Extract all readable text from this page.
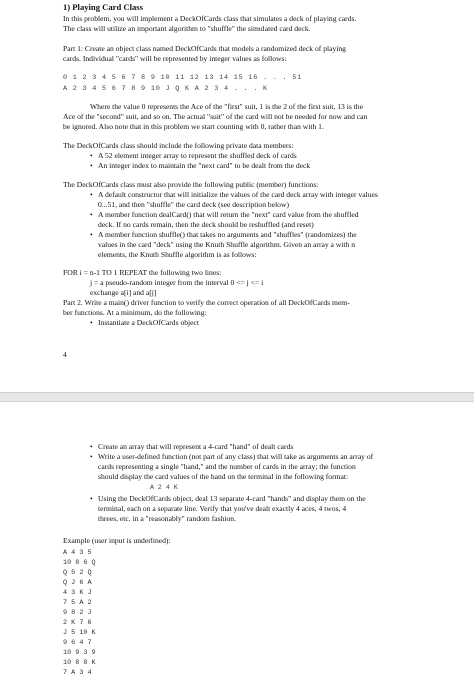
1) Playing Card Class
In this problem, you will implement a DeckOfCards class that simulates a deck of playing cards.
The class will utilize an important algorithm to "shuffle" the simulated card deck.
Part 1: Create an object class named DeckOfCards that models a randomized deck of playing
cards. Individual "cards" will be represented by integer values as follows:
0 1 2 3 4 5 6 7 8 9 10 11 12 13 14 15 16 . . . 51
A 2 3 4 5 6 7 8 9 10 J Q K A 2 3 4 . . . K
Where the value 0 represents the Ace of the "first" suit, 1 is the 2 of the first suit, 13 is the
Ace of the "second" suit, and so on. The actual "suit" of the card will not be needed for now and can
be ignored. Also note that in this problem we start counting with 0, rather than with 1.
The DeckOfCards class should include the following private data members:
• A 52 element integer array to represent the shuffled deck of cards
• An integer index to maintain the "next card" to be dealt from the deck
The DeckOfCards class must also provide the following public (member) functions:
• A default constructor that will initialize the values of the card deck array with integer values
0...51, and then "shuffle" the card deck (see description below)
• A member function dealCard() that will return the "next" card value from the shuffled
deck. If no cards remain, then the deck should be reshuffled (and reset)
• A member function shuffle() that takes no arguments and "shuffles" (randomizes) the
values in the card "deck" using the Knuth Shuffle algorithm. Given an array a with n
elements, the Knuth Shuffle algorithm is as follows:
FOR i = n-1 TO 1 REPEAT the following two lines:
j = a pseudo-random integer from the interval 0 <= j <= i
exchange a[i] and a[j]
Part 2. Write a main() driver function to verify the correct operation of all DeckOfCards mem-
ber functions. At a minimum, do the following:
• Instantiate a DeckOfCards object
4
• Create an array that will represent a 4-card "hand" of dealt cards
• Write a user-defined function (not part of any class) that will take as arguments an array of
cards representing a single "hand," and the number of cards in the array; the function
should display the card values of the hand on the terminal in the following format:
A 2 4 K
• Using the DeckOfCards object, deal 13 separate 4-card "hands" and display them on the
terminal, each on a separate line. Verify that you've dealt exactly 4 aces, 4 twos, 4
threes, etc. in a "reasonably" random fashion.
Example (user input is underlined):
A 4 3 5
10 8 6 Q
Q 5 2 Q
Q J 6 A
4 3 K J
7 5 A 2
9 8 2 J
2 K 7 6
J 5 10 K
9 6 4 7
10 9 3 9
10 8 8 K
7 A 3 4
